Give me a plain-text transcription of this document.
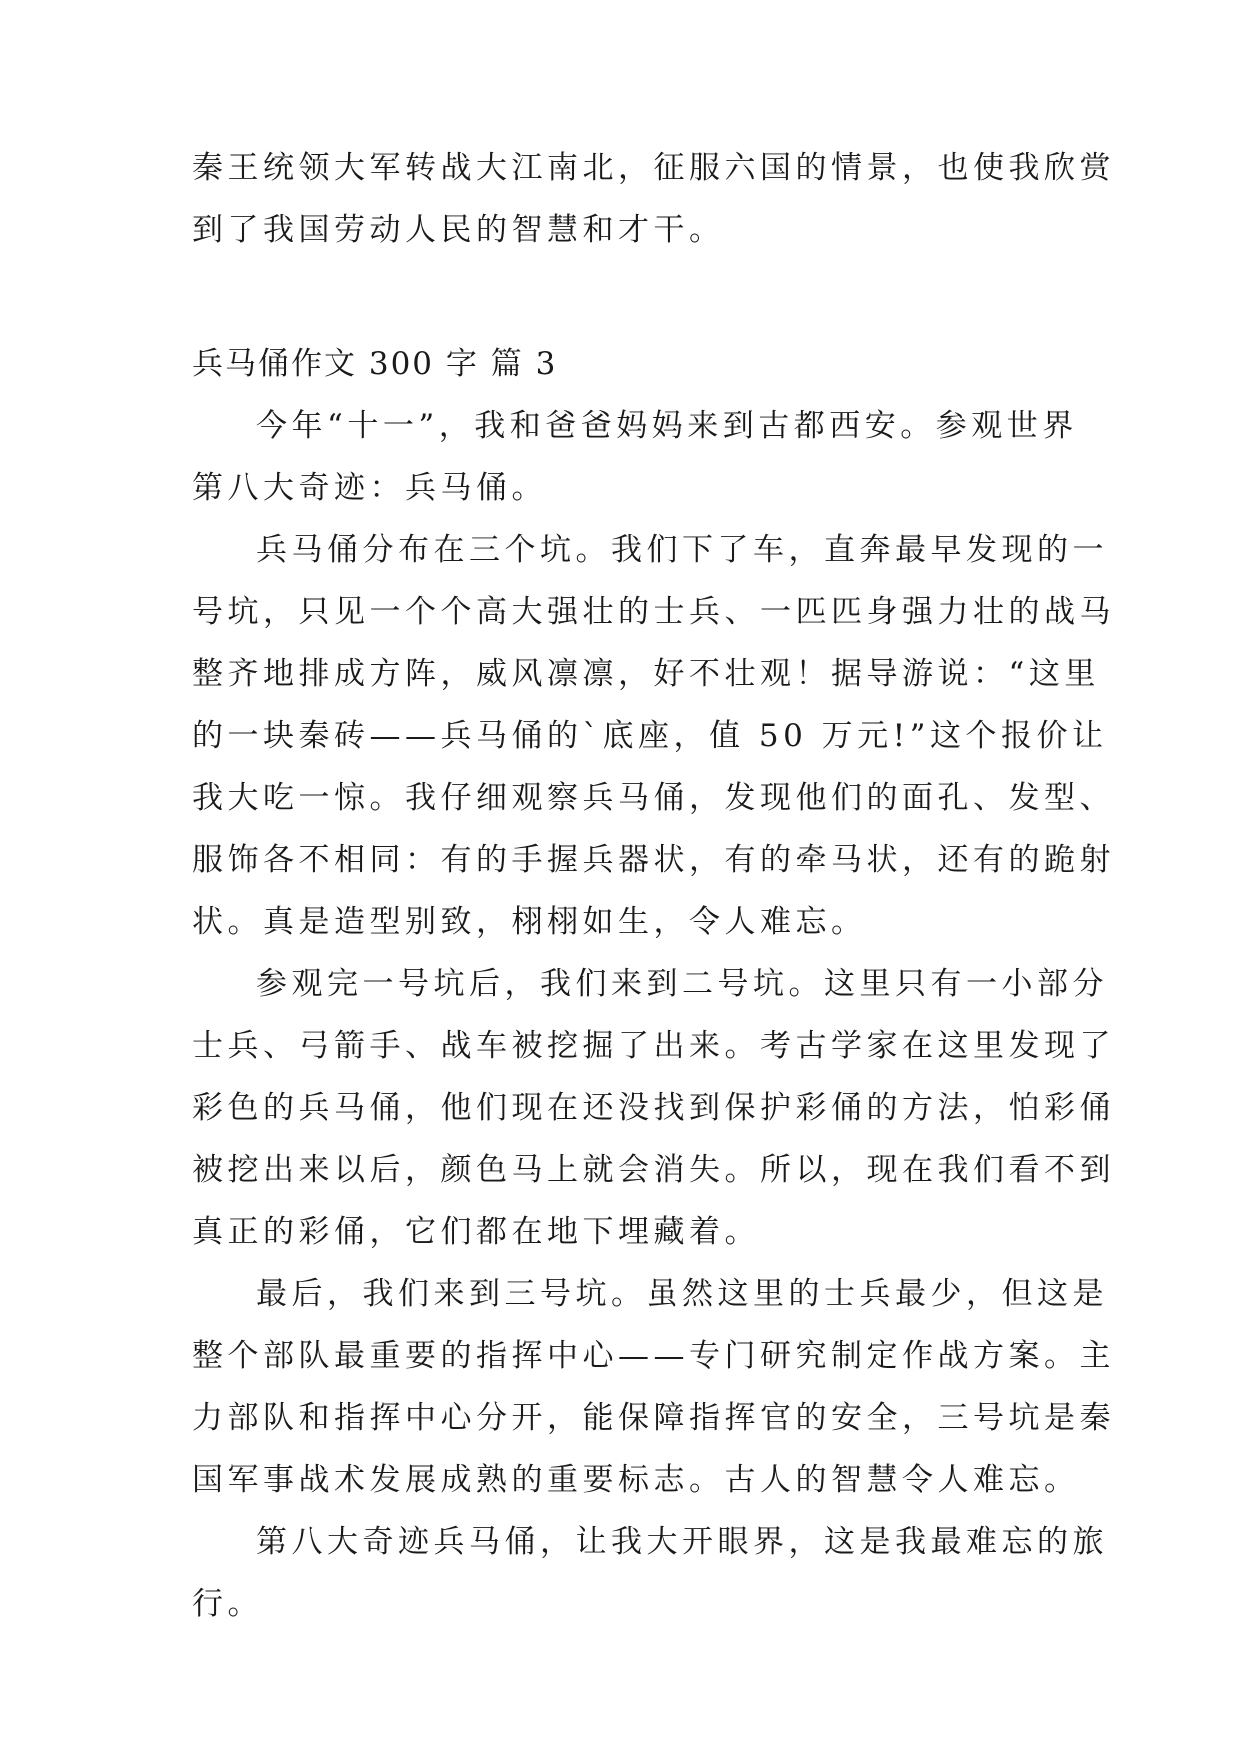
秦王统领大军转战大江南北，征服六国的情景，也使我欣赏
到了我国劳动人民的智慧和才干。
兵马俑作文 300 字 篇 3
今年“十一”，我和爸爸妈妈来到古都西安。参观世界
第八大奇迹：兵马俑。
兵马俑分布在三个坑。我们下了车，直奔最早发现的一
号坑，只见一个个高大强壮的士兵、一匹匹身强力壮的战马
整齐地排成方阵，威风凛凛，好不壮观！据导游说：“这里
的一块秦砖——兵马俑的`底座，值 50 万元!”这个报价让
我大吃一惊。我仔细观察兵马俑，发现他们的面孔、发型、
服饰各不相同：有的手握兵器状，有的牵马状，还有的跪射
状。真是造型别致，栩栩如生，令人难忘。
参观完一号坑后，我们来到二号坑。这里只有一小部分
士兵、弓箭手、战车被挖掘了出来。考古学家在这里发现了
彩色的兵马俑，他们现在还没找到保护彩俑的方法，怕彩俑
被挖出来以后，颜色马上就会消失。所以，现在我们看不到
真正的彩俑，它们都在地下埋藏着。
最后，我们来到三号坑。虽然这里的士兵最少，但这是
整个部队最重要的指挥中心——专门研究制定作战方案。主
力部队和指挥中心分开，能保障指挥官的安全，三号坑是秦
国军事战术发展成熟的重要标志。古人的智慧令人难忘。
第八大奇迹兵马俑，让我大开眼界，这是我最难忘的旅
行。
